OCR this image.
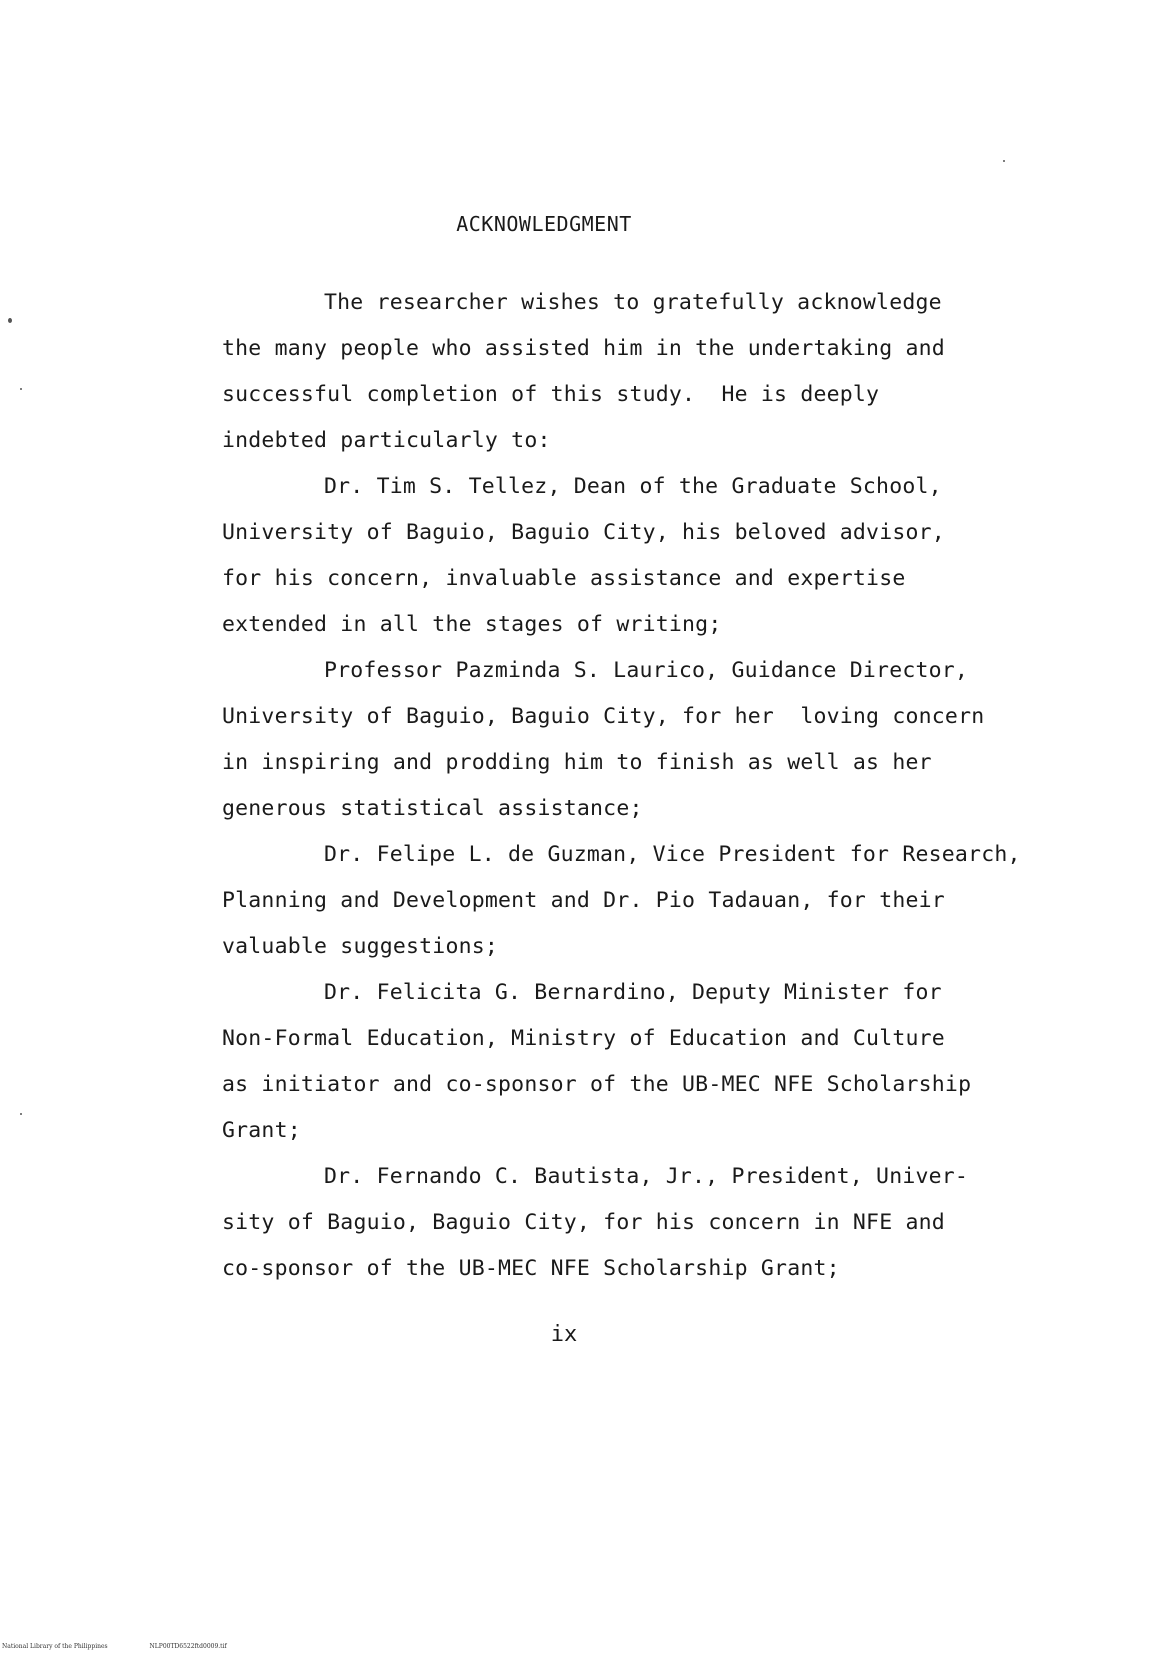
ACKNOWLEDGMENT
The researcher wishes to gratefully acknowledge
the many people who assisted him in the undertaking and
successful completion of this study.  He is deeply
indebted particularly to:
Dr. Tim S. Tellez, Dean of the Graduate School,
University of Baguio, Baguio City, his beloved advisor,
for his concern, invaluable assistance and expertise
extended in all the stages of writing;
Professor Pazminda S. Laurico, Guidance Director,
University of Baguio, Baguio City, for her  loving concern
in inspiring and prodding him to finish as well as her
generous statistical assistance;
Dr. Felipe L. de Guzman, Vice President for Research,
Planning and Development and Dr. Pio Tadauan, for their
valuable suggestions;
Dr. Felicita G. Bernardino, Deputy Minister for
Non-Formal Education, Ministry of Education and Culture
as initiator and co-sponsor of the UB-MEC NFE Scholarship
Grant;
Dr. Fernando C. Bautista, Jr., President, Univer-
sity of Baguio, Baguio City, for his concern in NFE and
co-sponsor of the UB-MEC NFE Scholarship Grant;
ix
National Library of the Philippines	NLP00TD6522ftd0009.tif
